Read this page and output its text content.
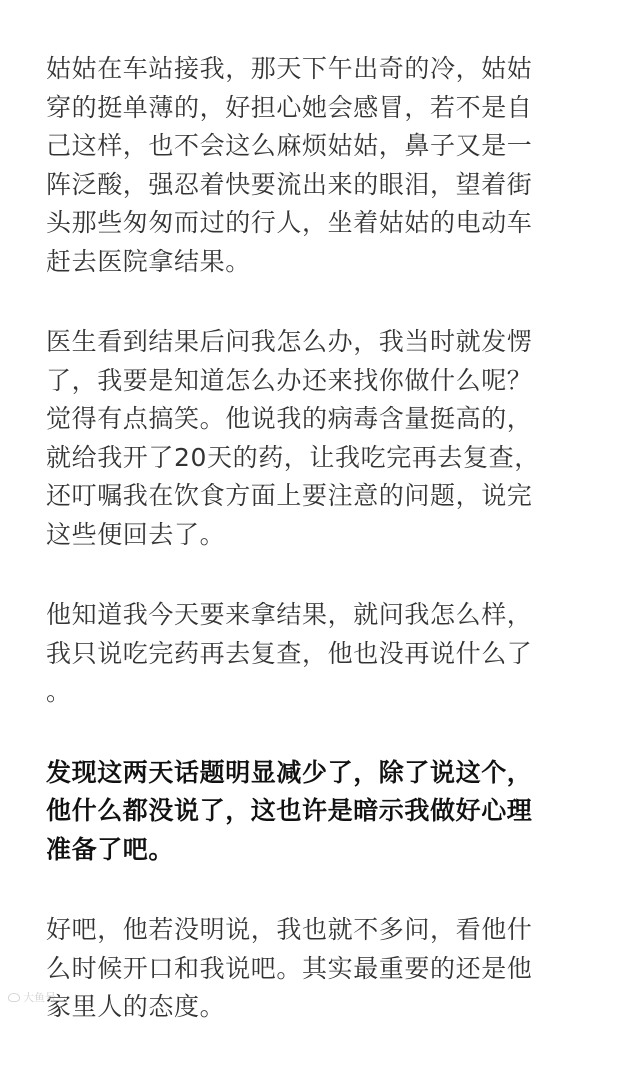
姑姑在车站接我，那天下午出奇的冷，姑姑
穿的挺单薄的，好担心她会感冒，若不是自
己这样，也不会这么麻烦姑姑，鼻子又是一
阵泛酸，强忍着快要流出来的眼泪，望着街
头那些匆匆而过的行人，坐着姑姑的电动车
赶去医院拿结果。
医生看到结果后问我怎么办，我当时就发愣
了，我要是知道怎么办还来找你做什么呢？
觉得有点搞笑。他说我的病毒含量挺高的，
就给我开了20天的药，让我吃完再去复查，
还叮嘱我在饮食方面上要注意的问题，说完
这些便回去了。
他知道我今天要来拿结果，就问我怎么样，
我只说吃完药再去复查，他也没再说什么了
。
发现这两天话题明显减少了，除了说这个，
他什么都没说了，这也许是暗示我做好心理
准备了吧。
好吧，他若没明说，我也就不多问，看他什
么时候开口和我说吧。其实最重要的还是他
家里人的态度。
大鱼号
